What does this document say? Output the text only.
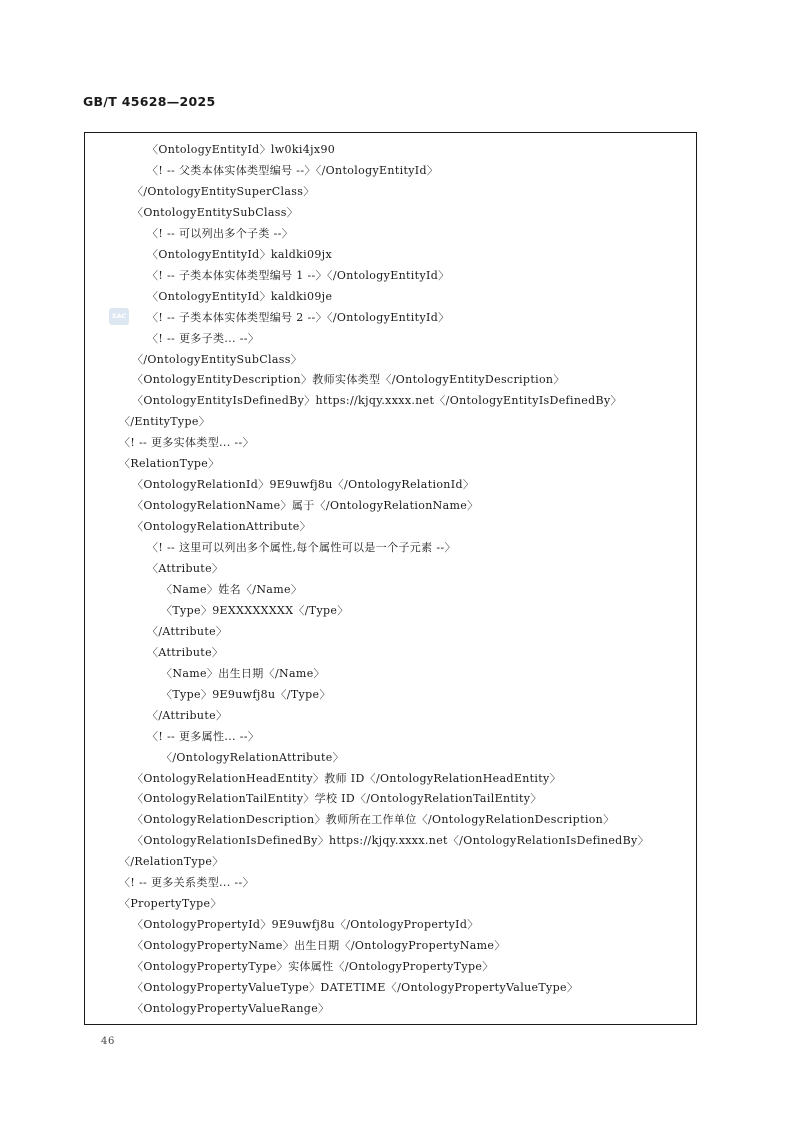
GB/T 45628—2025
SAC
〈OntologyEntityId〉lw0ki4jx90
〈! -- 父类本体实体类型编号 --〉〈/OntologyEntityId〉
〈/OntologyEntitySuperClass〉
〈OntologyEntitySubClass〉
〈! -- 可以列出多个子类 --〉
〈OntologyEntityId〉kaldki09jx
〈! -- 子类本体实体类型编号 1 --〉〈/OntologyEntityId〉
〈OntologyEntityId〉kaldki09je
〈! -- 子类本体实体类型编号 2 --〉〈/OntologyEntityId〉
〈! -- 更多子类... --〉
〈/OntologyEntitySubClass〉
〈OntologyEntityDescription〉教师实体类型〈/OntologyEntityDescription〉
〈OntologyEntityIsDefinedBy〉https://kjqy.xxxx.net〈/OntologyEntityIsDefinedBy〉
〈/EntityType〉
〈! -- 更多实体类型... --〉
〈RelationType〉
〈OntologyRelationId〉9E9uwfj8u〈/OntologyRelationId〉
〈OntologyRelationName〉属于〈/OntologyRelationName〉
〈OntologyRelationAttribute〉
〈! -- 这里可以列出多个属性,每个属性可以是一个子元素 --〉
〈Attribute〉
〈Name〉姓名〈/Name〉
〈Type〉9EXXXXXXXX〈/Type〉
〈/Attribute〉
〈Attribute〉
〈Name〉出生日期〈/Name〉
〈Type〉9E9uwfj8u〈/Type〉
〈/Attribute〉
〈! -- 更多属性... --〉
〈/OntologyRelationAttribute〉
〈OntologyRelationHeadEntity〉教师 ID〈/OntologyRelationHeadEntity〉
〈OntologyRelationTailEntity〉学校 ID〈/OntologyRelationTailEntity〉
〈OntologyRelationDescription〉教师所在工作单位〈/OntologyRelationDescription〉
〈OntologyRelationIsDefinedBy〉https://kjqy.xxxx.net〈/OntologyRelationIsDefinedBy〉
〈/RelationType〉
〈! -- 更多关系类型... --〉
〈PropertyType〉
〈OntologyPropertyId〉9E9uwfj8u〈/OntologyPropertyId〉
〈OntologyPropertyName〉出生日期〈/OntologyPropertyName〉
〈OntologyPropertyType〉实体属性〈/OntologyPropertyType〉
〈OntologyPropertyValueType〉DATETIME〈/OntologyPropertyValueType〉
〈OntologyPropertyValueRange〉
46
